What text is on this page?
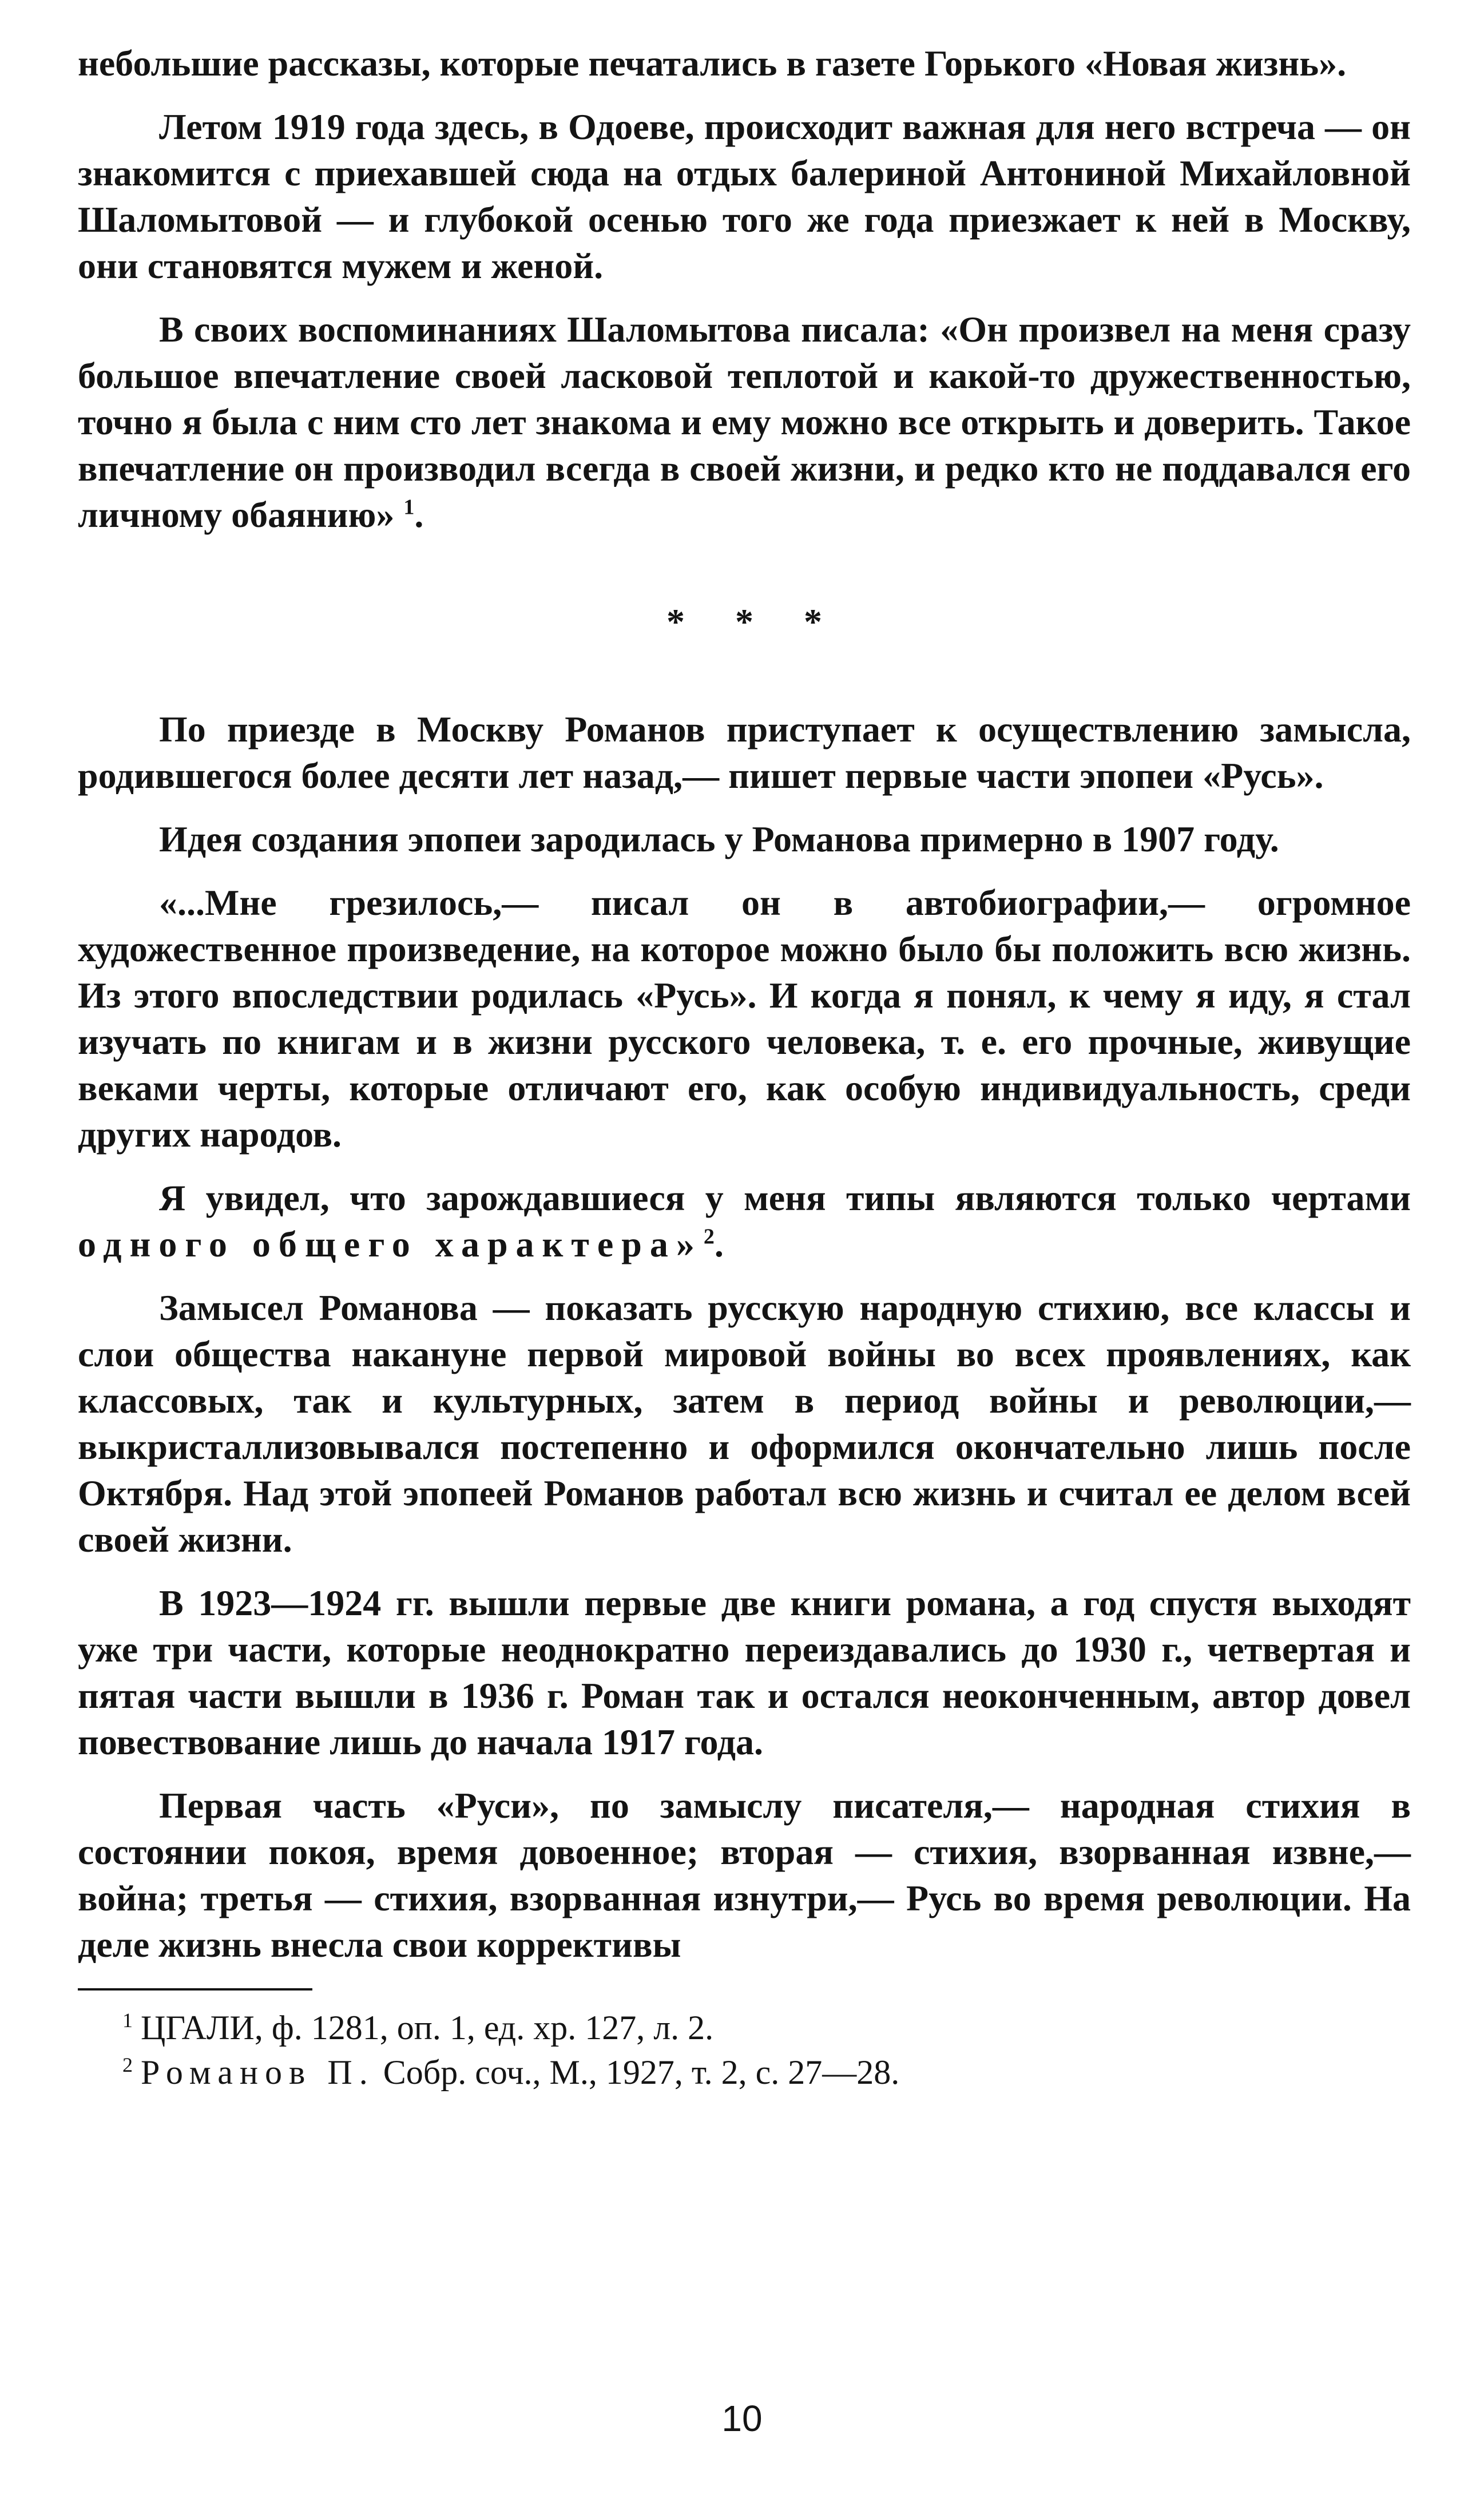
небольшие рассказы, которые печатались в газете Горького «Новая жизнь».

Летом 1919 года здесь, в Одоеве, происходит важная для него встреча — он знакомится с приехавшей сюда на отдых балериной Антониной Михайловной Шаломытовой — и глубокой осенью того же года приезжает к ней в Москву, они становятся мужем и женой.

В своих воспоминаниях Шаломытова писала: «Он произвел на меня сразу большое впечатление своей ласковой теплотой и какой-то дружественностью, точно я была с ним сто лет знакома и ему можно все открыть и доверить. Такое впечатление он производил всегда в своей жизни, и редко кто не поддавался его личному обаянию» $^1$.

* * *

По приезде в Москву Романов приступает к осуществлению замысла, родившегося более десяти лет назад,— пишет первые части эпопеи «Русь».

Идея создания эпопеи зародилась у Романова примерно в 1907 году.

«...Мне грезилось,— писал он в автобиографии,— огромное художественное произведение, на которое можно было бы положить всю жизнь. Из этого впоследствии родилась «Русь». И когда я понял, к чему я иду, я стал изучать по книгам и в жизни русского человека, т. е. его прочные, живущие веками черты, которые отличают его, как особую индивидуальность, среди других народов.

Я увидел, что зарождавшиеся у меня типы являются только чертами одного общего характера» $^2$.

Замысел Романова — показать русскую народную стихию, все классы и слои общества накануне первой мировой войны во всех проявлениях, как классовых, так и культурных, затем в период войны и революции,— выкристаллизовывался постепенно и оформился окончательно лишь после Октября. Над этой эпопеей Романов работал всю жизнь и считал ее делом всей своей жизни.

В 1923—1924 гг. вышли первые две книги романа, а год спустя выходят уже три части, которые неоднократно переиздавались до 1930 г., четвертая и пятая части вышли в 1936 г. Роман так и остался неоконченным, автор довел повествование лишь до начала 1917 года.

Первая часть «Руси», по замыслу писателя,— народная стихия в состоянии покоя, время довоенное; вторая — стихия, взорванная извне,— война; третья — стихия, взорванная изнутри,— Русь во время революции. На деле жизнь внесла свои коррективы

$^1$ ЦГАЛИ, ф. 1281, оп. 1, ед. хр. 127, л. 2.

$^2$ Романов П. Собр. соч., М., 1927, т. 2, с. 27—28.

10
